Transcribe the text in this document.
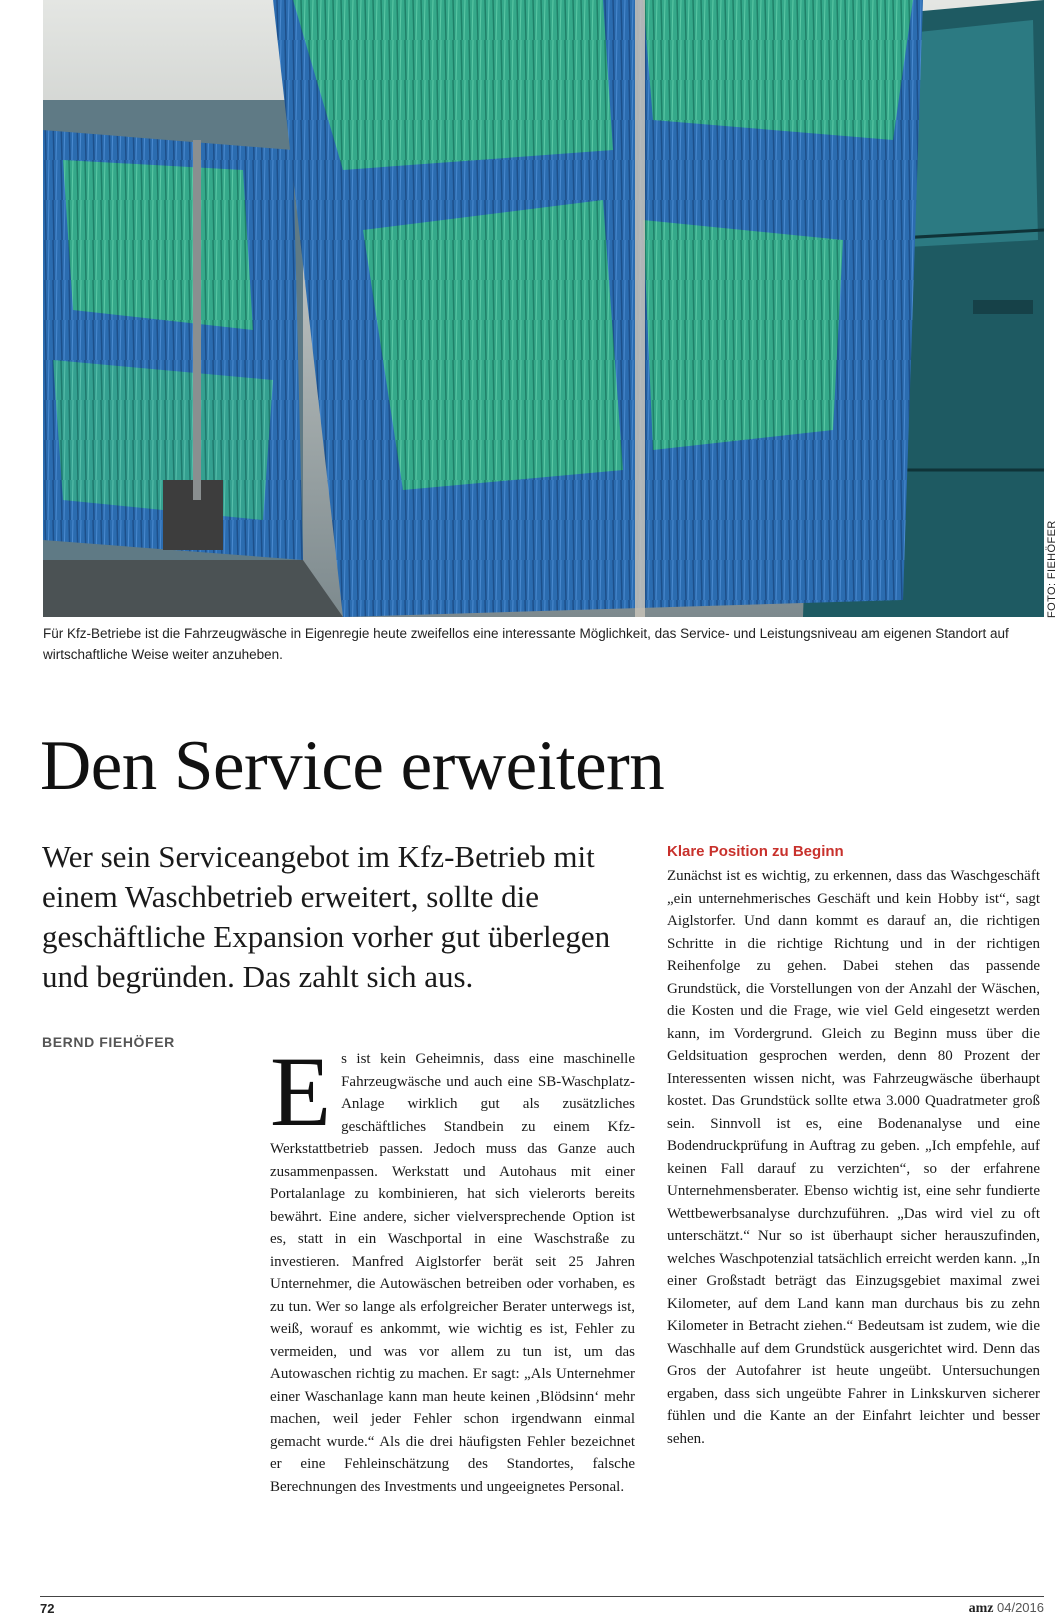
FOTO: FIEHÖFER
Für Kfz-Betriebe ist die Fahrzeugwäsche in Eigenregie heute zweifellos eine interessante Möglichkeit, das Service- und Leistungsniveau am eigenen Standort auf wirtschaftliche Weise weiter anzuheben.
Den Service erweitern

Wer sein Serviceangebot im Kfz-Betrieb mit einem Waschbetrieb erweitert, sollte die geschäftliche Expansion vorher gut überlegen und begründen. Das zahlt sich aus.

BERND FIEHÖFER Es ist kein Geheimnis, dass eine maschinelle Fahrzeugwäsche und auch eine SB-Waschplatz-Anlage wirklich gut als zusätzliches geschäftliches Standbein zu einem Kfz-Werkstattbetrieb passen. Jedoch muss das Ganze auch zusammenpassen. Werkstatt und Autohaus mit einer Portalanlage zu kombinieren, hat sich vielerorts bereits bewährt. Eine andere, sicher vielversprechende Option ist es, statt in ein Waschportal in eine Waschstraße zu investieren. Manfred Aiglstorfer berät seit 25 Jahren Unternehmer, die Autowäschen betreiben oder vorhaben, es zu tun. Wer so lange als erfolgreicher Berater unterwegs ist, weiß, worauf es ankommt, wie wichtig es ist, Fehler zu vermeiden, und was vor allem zu tun ist, um das Autowaschen richtig zu machen. Er sagt: „Als Unternehmer einer Waschanlage kann man heute keinen ‚Blödsinn‘ mehr machen, weil jeder Fehler schon irgendwann einmal gemacht wurde.“ Als die drei häufigsten Fehler bezeichnet er eine Fehleinschätzung des Standortes, falsche Berechnungen des Investments und ungeeignetes Personal.

Klare Position zu Beginn

Zunächst ist es wichtig, zu erkennen, dass das Waschgeschäft „ein unternehmerisches Geschäft und kein Hobby ist“, sagt Aiglstorfer. Und dann kommt es darauf an, die richtigen Schritte in die richtige Richtung und in der richtigen Reihenfolge zu gehen. Dabei stehen das passende Grundstück, die Vorstellungen von der Anzahl der Wäschen, die Kosten und die Frage, wie viel Geld eingesetzt werden kann, im Vordergrund. Gleich zu Beginn muss über die Geldsituation gesprochen werden, denn 80 Prozent der Interessenten wissen nicht, was Fahrzeugwäsche überhaupt kostet. Das Grundstück sollte etwa 3.000 Quadratmeter groß sein. Sinnvoll ist es, eine Bodenanalyse und eine Bodendruckprüfung in Auftrag zu geben. „Ich empfehle, auf keinen Fall darauf zu verzichten“, so der erfahrene Unternehmensberater. Ebenso wichtig ist, eine sehr fundierte Wettbewerbsanalyse durchzuführen. „Das wird viel zu oft unterschätzt.“ Nur so ist überhaupt sicher herauszufinden, welches Waschpotenzial tatsächlich erreicht werden kann. „In einer Großstadt beträgt das Einzugsgebiet maximal zwei Kilometer, auf dem Land kann man durchaus bis zu zehn Kilometer in Betracht ziehen.“ Bedeutsam ist zudem, wie die Waschhalle auf dem Grundstück ausgerichtet wird. Denn das Gros der Autofahrer ist heute ungeübt. Untersuchungen ergaben, dass sich ungeübte Fahrer in Linkskurven sicherer fühlen und die Kante an der Einfahrt leichter und besser sehen.

72	amz 04/2016
